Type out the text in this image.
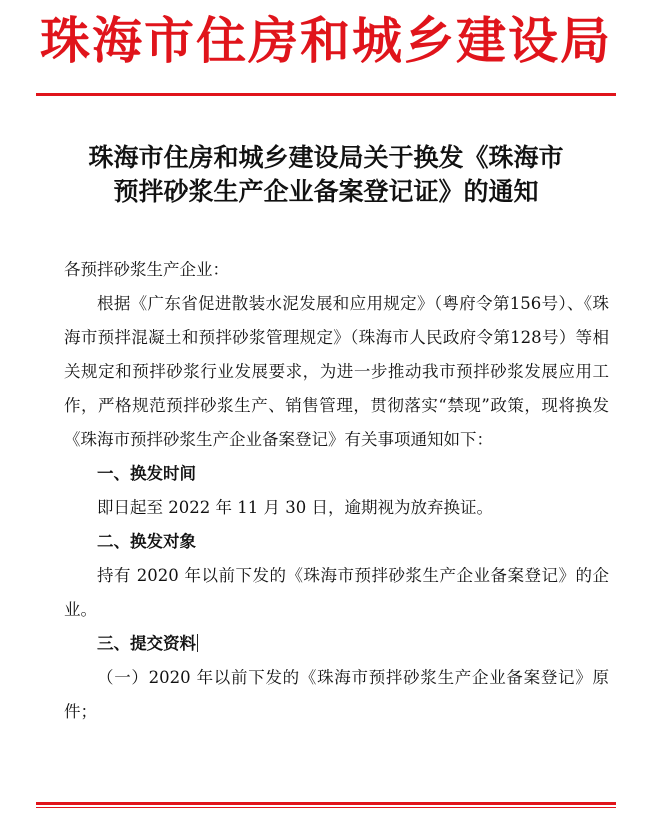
珠海市住房和城乡建设局
珠海市住房和城乡建设局关于换发《珠海市
预拌砂浆生产企业备案登记证》的通知

各预拌砂浆生产企业：

根据《广东省促进散装水泥发展和应用规定》（粤府令第156号）、《珠海市预拌混凝土和预拌砂浆管理规定》（珠海市人民政府令第128号）等相关规定和预拌砂浆行业发展要求，为进一步推动我市预拌砂浆发展应用工作，严格规范预拌砂浆生产、销售管理，贯彻落实“禁现”政策，现将换发《珠海市预拌砂浆生产企业备案登记》有关事项通知如下：

一、换发时间

即日起至 2022 年 11 月 30 日，逾期视为放弃换证。

二、换发对象

持有 2020 年以前下发的《珠海市预拌砂浆生产企业备案登记》的企业。

三、提交资料

（一）2020 年以前下发的《珠海市预拌砂浆生产企业备案登记》原件；
